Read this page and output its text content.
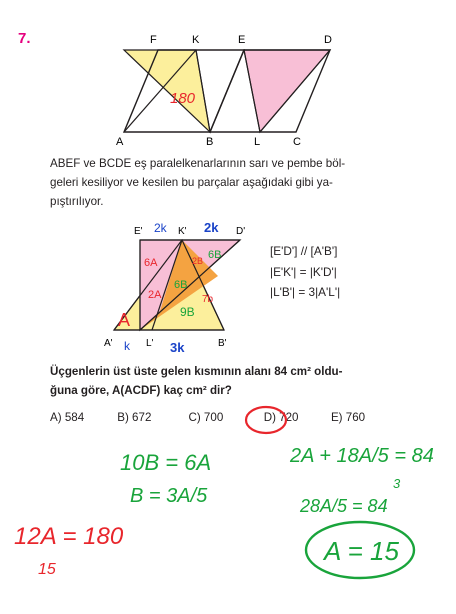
7.	F	K	E	D
A	B	L	C
180
ABEF ve BCDE eş paralelkenarlarının sarı ve pembe böl-
geleri kesiliyor ve kesilen bu parçalar aşağıdaki gibi ya-
pıştırılıyor.
E'	K'	D'
A'	L'	B'
2k	2k
k	3k
6A	2B 6B
2A
6B
7b
9B
A
[E'D'] // [A'B']
|E'K'| = |K'D'|
|L'B'| = 3|A'L'|
Üçgenlerin üst üste gelen kısmının alanı 84 cm² oldu-
ğuna göre, A(ACDF) kaç cm² dir?
A) 584	B) 672	C) 700	D) 720	E) 760
10B = 6A
B = 3A/5
12A = 180
15
2A + 18A/5 = 84
28A/5 = 84
3
A = 15
